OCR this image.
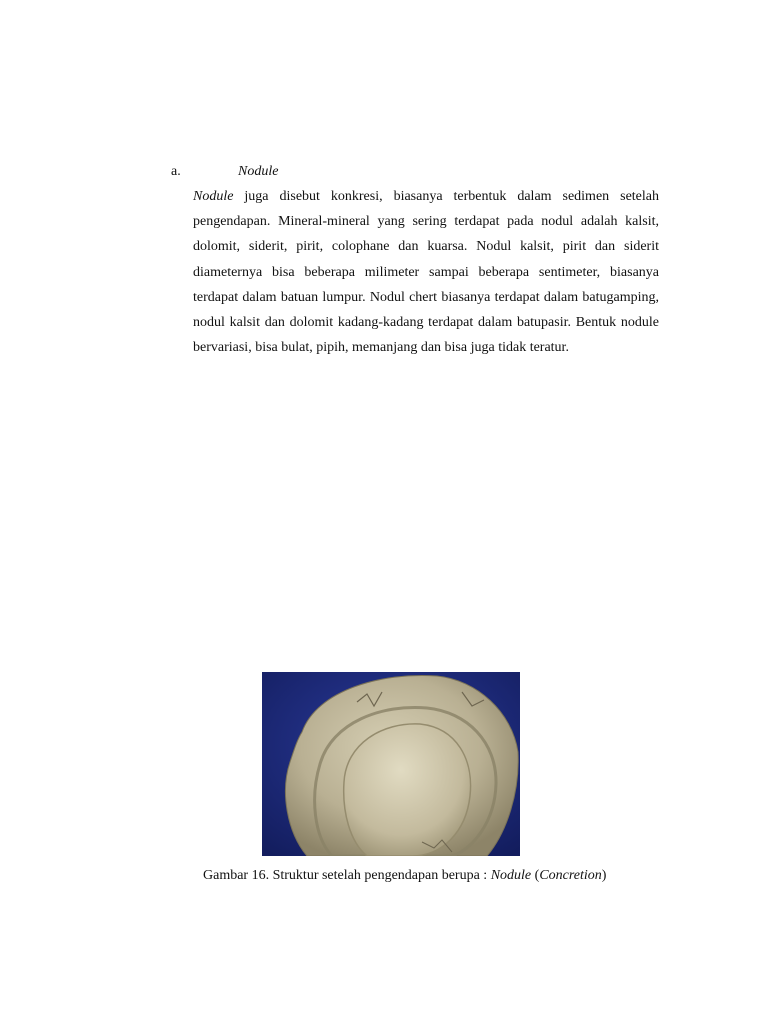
a.	Nodule

Nodule juga disebut konkresi, biasanya terbentuk dalam sedimen setelah pengendapan. Mineral-mineral yang sering terdapat pada nodul adalah kalsit, dolomit, siderit, pirit, colophane dan kuarsa. Nodul kalsit, pirit dan siderit diameternya bisa beberapa milimeter sampai beberapa sentimeter, biasanya terdapat dalam batuan lumpur. Nodul chert biasanya terdapat dalam batugamping, nodul kalsit dan dolomit kadang-kadang terdapat dalam batupasir. Bentuk nodule bervariasi, bisa bulat, pipih, memanjang dan bisa juga tidak teratur.

Gambar 16. Struktur setelah pengendapan berupa : Nodule (Concretion)
